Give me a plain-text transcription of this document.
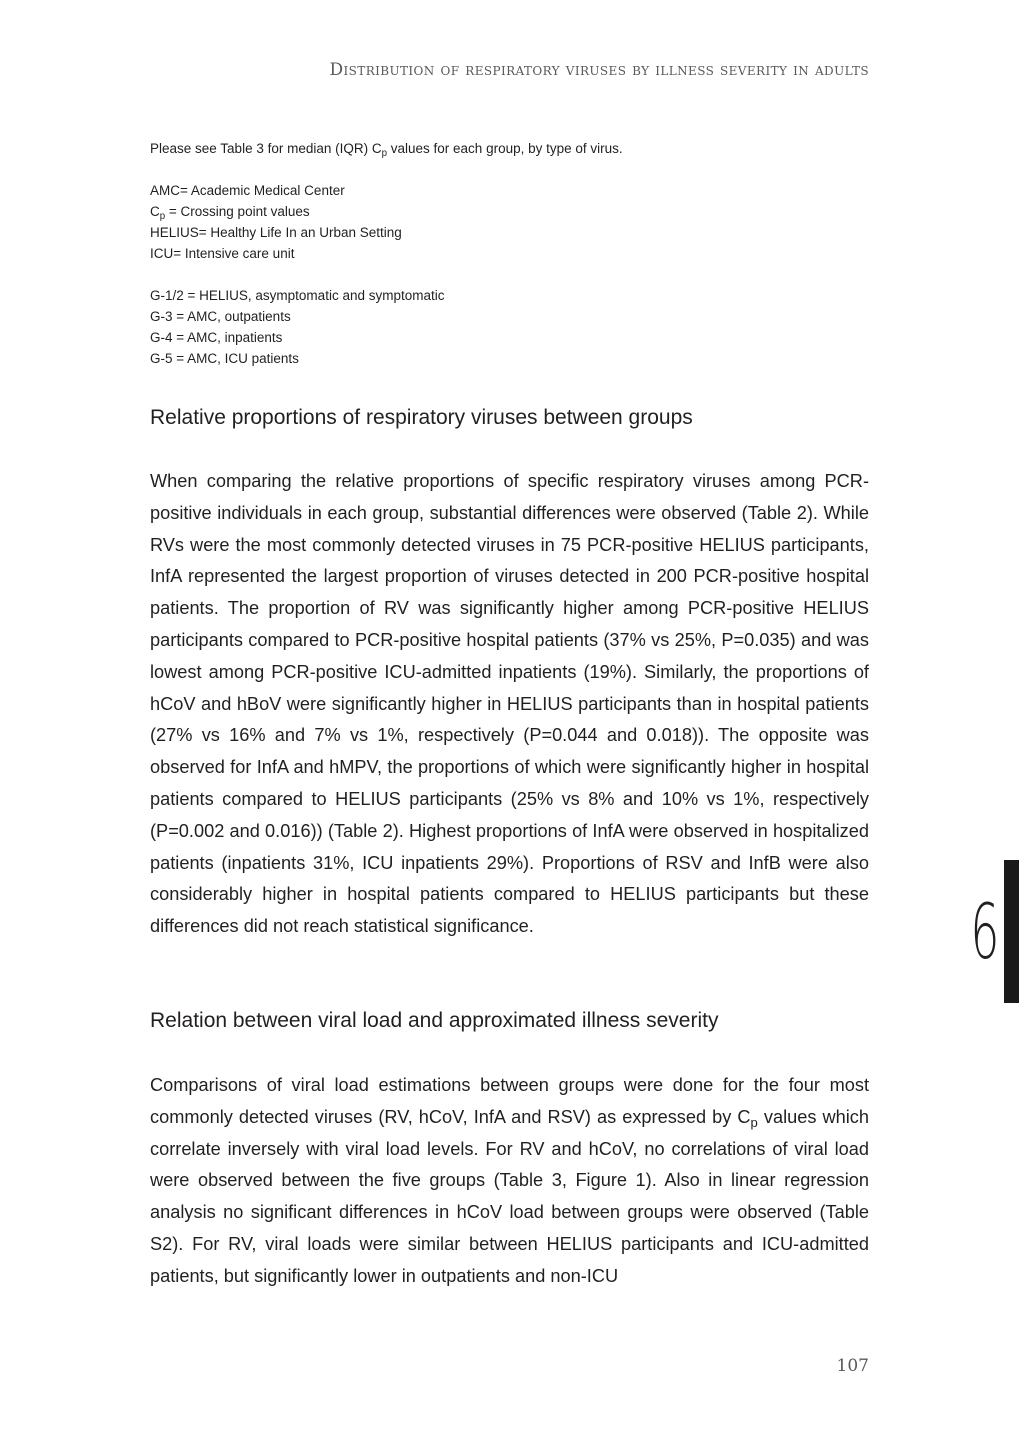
Distribution of respiratory viruses by illness severity in adults

Please see Table 3 for median (IQR) $C_p$ values for each group, by type of virus.

AMC= Academic Medical Center

$C_p$ = Crossing point values

HELIUS= Healthy Life In an Urban Setting

ICU= Intensive care unit

G-1/2 = HELIUS, asymptomatic and symptomatic

G-3 = AMC, outpatients

G-4 = AMC, inpatients

G-5 = AMC, ICU patients

Relative proportions of respiratory viruses between groups

When comparing the relative proportions of specific respiratory viruses among PCR-positive individuals in each group, substantial differences were observed (Table 2). While RVs were the most commonly detected viruses in 75 PCR-positive HELIUS participants, InfA represented the largest proportion of viruses detected in 200 PCR-positive hospital patients. The proportion of RV was significantly higher among PCR-positive HELIUS participants compared to PCR-positive hospital patients (37% vs 25%, P=0.035) and was lowest among PCR-positive ICU-admitted inpatients (19%). Similarly, the proportions of hCoV and hBoV were significantly higher in HELIUS participants than in hospital patients (27% vs 16% and 7% vs 1%, respectively (P=0.044 and 0.018)). The opposite was observed for InfA and hMPV, the proportions of which were significantly higher in hospital patients compared to HELIUS participants (25% vs 8% and 10% vs 1%, respectively (P=0.002 and 0.016)) (Table 2). Highest proportions of InfA were observed in hospitalized patients (inpatients 31%, ICU inpatients 29%). Proportions of RSV and InfB were also considerably higher in hospital patients compared to HELIUS participants but these differences did not reach statistical significance.

Relation between viral load and approximated illness severity

Comparisons of viral load estimations between groups were done for the four most commonly detected viruses (RV, hCoV, InfA and RSV) as expressed by $C_p$ values which correlate inversely with viral load levels. For RV and hCoV, no correlations of viral load were observed between the five groups (Table 3, Figure 1). Also in linear regression analysis no significant differences in hCoV load between groups were observed (Table S2). For RV, viral loads were similar between HELIUS participants and ICU-admitted patients, but significantly lower in outpatients and non-ICU

6
107
